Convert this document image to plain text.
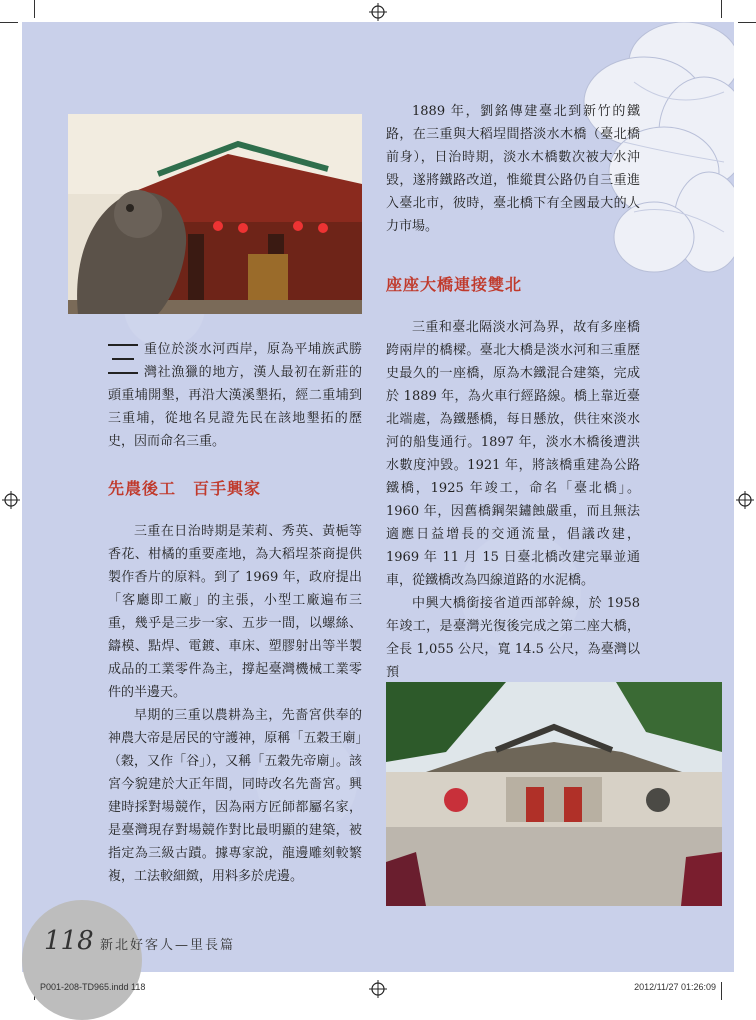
重位於淡水河西岸，原為平埔族武勝灣社漁獵的地方，漢人最初在新莊的頭重埔開墾，再沿大漢溪墾拓，經二重埔到三重埔，從地名見證先民在該地墾拓的歷史，因而命名三重。
先農後工　百手興家

三重在日治時期是茉莉、秀英、黃梔等香花、柑橘的重要產地，為大稻埕茶商提供製作香片的原料。到了 1969 年，政府提出「客廳即工廠」的主張，小型工廠遍布三重，幾乎是三步一家、五步一間，以螺絲、鑄模、點焊、電鍍、車床、塑膠射出等半製成品的工業零件為主，撐起臺灣機械工業零件的半邊天。

早期的三重以農耕為主，先嗇宮供奉的神農大帝是居民的守護神，原稱「五穀王廟」（穀，又作「谷」），又稱「五穀先帝廟」。該宮今貌建於大正年間，同時改名先嗇宮。興建時採對場競作，因為兩方匠師都屬名家，是臺灣現存對場競作對比最明顯的建築，被指定為三級古蹟。據專家說，龍邊雕刻較繁複，工法較細緻，用料多於虎邊。

1889 年，劉銘傳建臺北到新竹的鐵路，在三重與大稻埕間搭淡水木橋（臺北橋前身），日治時期，淡水木橋數次被大水沖毀，遂將鐵路改道，惟縱貫公路仍自三重進入臺北市，彼時，臺北橋下有全國最大的人力市場。

座座大橋連接雙北

三重和臺北隔淡水河為界，故有多座橋跨兩岸的橋樑。臺北大橋是淡水河和三重歷史最久的一座橋，原為木鐵混合建築，完成於 1889 年，為火車行經路線。橋上靠近臺北端處，為鐵懸橋，每日懸放，供往來淡水河的船隻通行。1897 年，淡水木橋後遭洪水數度沖毀。1921 年，將該橋重建為公路鐵橋，1925 年竣工，命名「臺北橋」。1960 年，因舊橋鋼架鏽蝕嚴重，而且無法適應日益增長的交通流量，倡議改建，1969 年 11 月 15 日臺北橋改建完畢並通車，從鐵橋改為四線道路的水泥橋。

中興大橋銜接省道西部幹線，於 1958 年竣工，是臺灣光復後完成之第二座大橋，全長 1,055 公尺，寬 14.5 公尺，為臺灣以預

118 新北好客人—里長篇
P001-208-TD965.indd 118	2012/11/27 01:26:09
